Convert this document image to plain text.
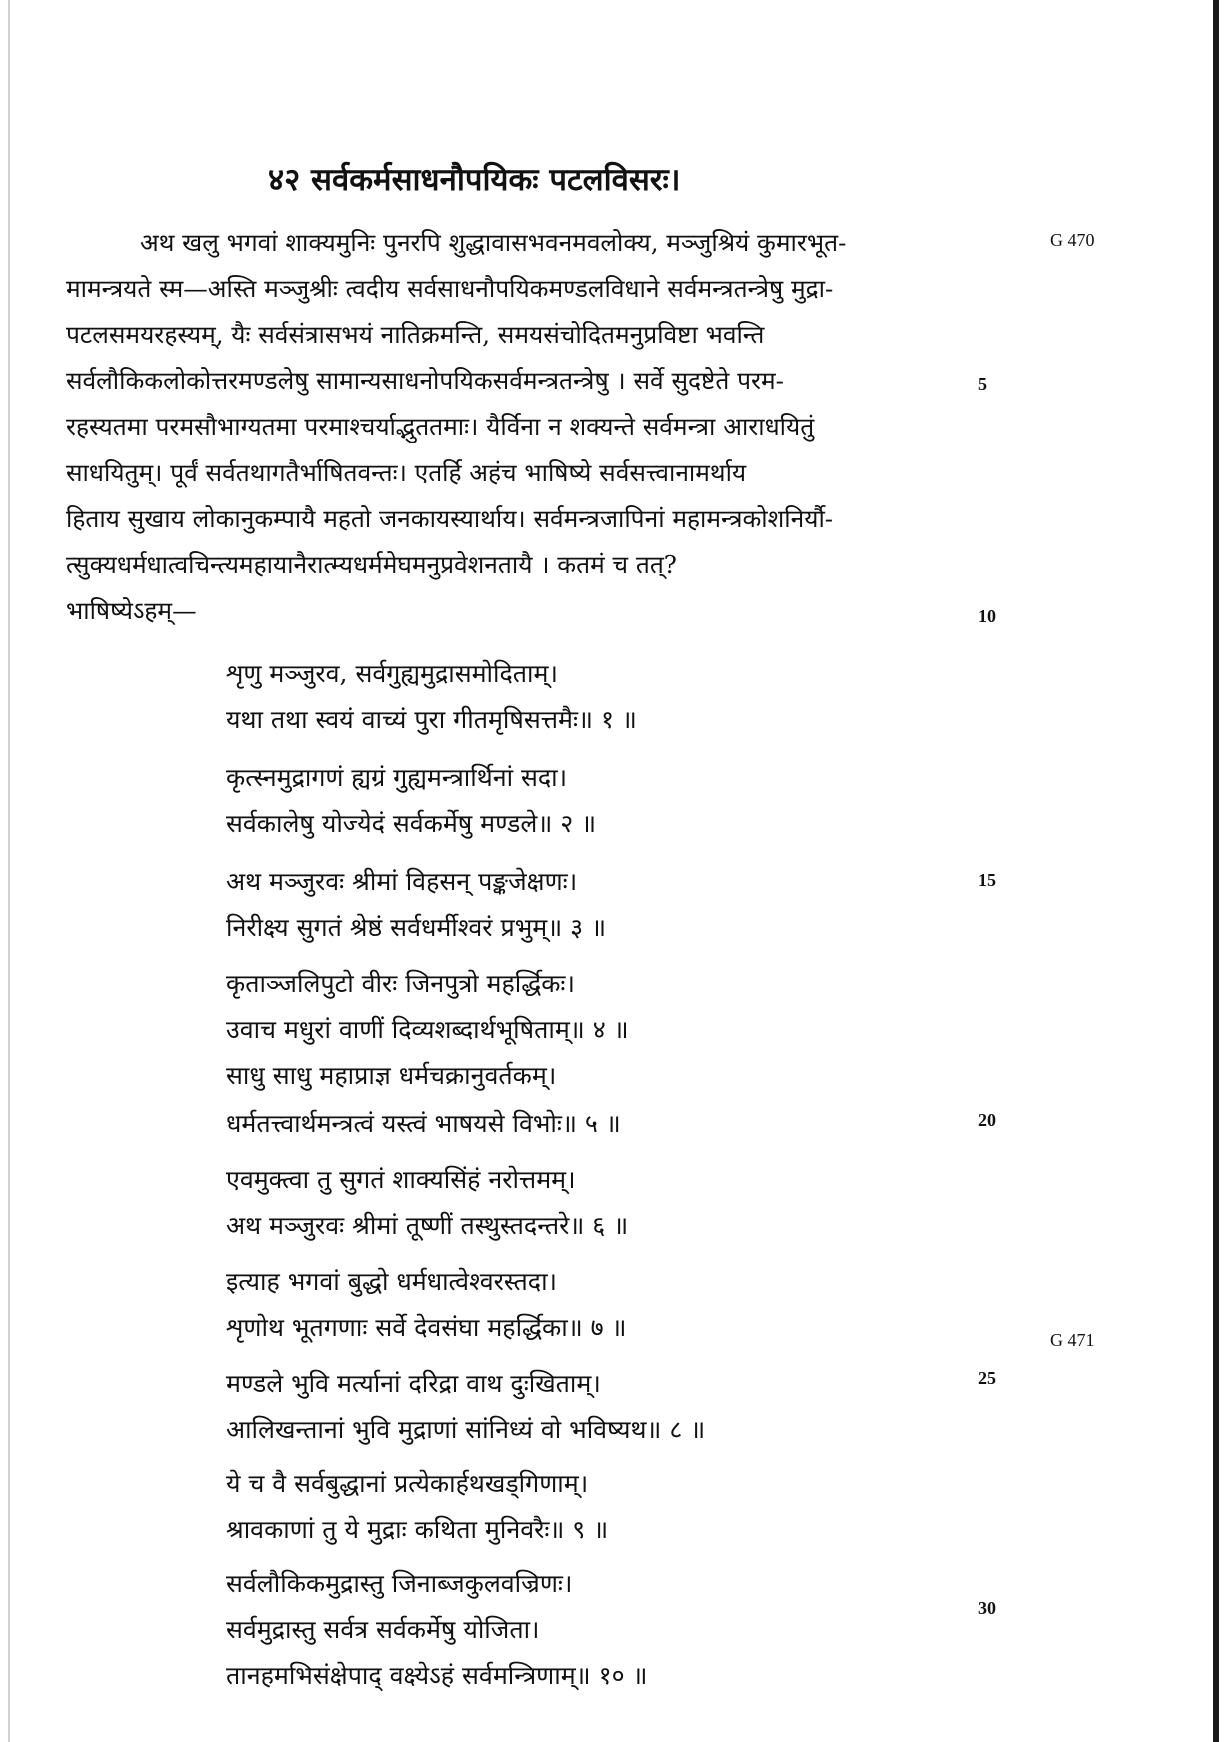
४२ सर्वकर्मसाधनौपयिकः पटलविसरः।
अथ खलु भगवां शाक्यमुनिः पुनरपि शुद्धावासभवनमवलोक्य, मञ्जुश्रियं कुमारभूत-
मामन्त्रयते स्म—अस्ति मञ्जुश्रीः त्वदीय सर्वसाधनौपयिकमण्डलविधाने सर्वमन्त्रतन्त्रेषु मुद्रा-
पटलसमयरहस्यम्, यैः सर्वसंत्रासभयं नातिक्रमन्ति, समयसंचोदितमनुप्रविष्टा भवन्ति
सर्वलौकिकलोकोत्तरमण्डलेषु सामान्यसाधनोपयिकसर्वमन्त्रतन्त्रेषु । सर्वे सुदष्टेते परम-
रहस्यतमा परमसौभाग्यतमा परमाश्चर्याद्भुततमाः। यैर्विना न शक्यन्ते सर्वमन्त्रा आराधयितुं
साधयितुम्। पूर्वं सर्वतथागतैर्भाषितवन्तः। एतर्हि अहंच भाषिष्ये सर्वसत्त्वानामर्थाय
हिताय सुखाय लोकानुकम्पायै महतो जनकायस्यार्थाय। सर्वमन्त्रजापिनां महामन्त्रकोशनिर्यौ-
त्सुक्यधर्मधात्वचिन्त्यमहायानैरात्म्यधर्ममेघमनुप्रवेशनतायै । कतमं च तत्?
भाषिष्येऽहम्—
शृणु मञ्जुरव, सर्वगुह्यमुद्रासमोदिताम्।
यथा तथा स्वयं वाच्यं पुरा गीतमृषिसत्तमैः॥ १ ॥
कृत्स्नमुद्रागणं ह्यग्रं गुह्यमन्त्रार्थिनां सदा।
सर्वकालेषु योज्येदं सर्वकर्मेषु मण्डले॥ २ ॥
अथ मञ्जुरवः श्रीमां विहसन् पङ्कजेक्षणः।
निरीक्ष्य सुगतं श्रेष्ठं सर्वधर्मीश्वरं प्रभुम्॥ ३ ॥
कृताञ्जलिपुटो वीरः जिनपुत्रो महर्द्धिकः।
उवाच मधुरां वाणीं दिव्यशब्दार्थभूषिताम्॥ ४ ॥
साधु साधु महाप्राज्ञ धर्मचक्रानुवर्तकम्।
धर्मतत्त्वार्थमन्त्रत्वं यस्त्वं भाषयसे विभोः॥ ५ ॥
एवमुक्त्वा तु सुगतं शाक्यसिंहं नरोत्तमम्।
अथ मञ्जुरवः श्रीमां तूष्णीं तस्थुस्तदन्तरे॥ ६ ॥
इत्याह भगवां बुद्धो धर्मधात्वेश्वरस्तदा।
शृणोथ भूतगणाः सर्वे देवसंघा महर्द्धिका॥ ७ ॥
मण्डले भुवि मर्त्यानां दरिद्रा वाथ दुःखिताम्।
आलिखन्तानां भुवि मुद्राणां सांनिध्यं वो भविष्यथ॥ ८ ॥
ये च वै सर्वबुद्धानां प्रत्येकार्हथखड्गिणाम्।
श्रावकाणां तु ये मुद्राः कथिता मुनिवरैः॥ ९ ॥
सर्वलौकिकमुद्रास्तु जिनाब्जकुलवज्रिणः।
सर्वमुद्रास्तु सर्वत्र सर्वकर्मेषु योजिता।
तानहमभिसंक्षेपाद् वक्ष्येऽहं सर्वमन्त्रिणाम्॥ १० ॥
5
10
15
20
25
30
G 470
G 471
